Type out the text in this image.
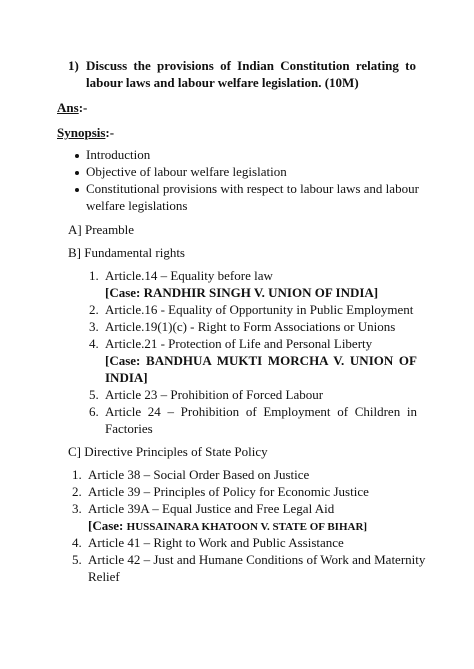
1) Discuss the provisions of Indian Constitution relating to
labour laws and labour welfare legislation. (10M)
Ans:-
Synopsis:-
Introduction
Objective of labour welfare legislation
Constitutional provisions with respect to labour laws and labour
welfare legislations
A] Preamble
B] Fundamental rights
1. Article.14 – Equality before law
[Case: RANDHIR SINGH V. UNION OF INDIA]
2. Article.16 - Equality of Opportunity in Public Employment
3. Article.19(1)(c) - Right to Form Associations or Unions
4. Article.21 - Protection of Life and Personal Liberty
[Case: BANDHUA MUKTI MORCHA V. UNION OF
INDIA]
5. Article 23 – Prohibition of Forced Labour
6. Article 24 – Prohibition of Employment of Children in
Factories
C] Directive Principles of State Policy
1. Article 38 – Social Order Based on Justice
2. Article 39 – Principles of Policy for Economic Justice
3. Article 39A – Equal Justice and Free Legal Aid
[Case: HUSSAINARA KHATOON V. STATE OF BIHAR]
4. Article 41 – Right to Work and Public Assistance
5. Article 42 – Just and Humane Conditions of Work and Maternity
Relief
